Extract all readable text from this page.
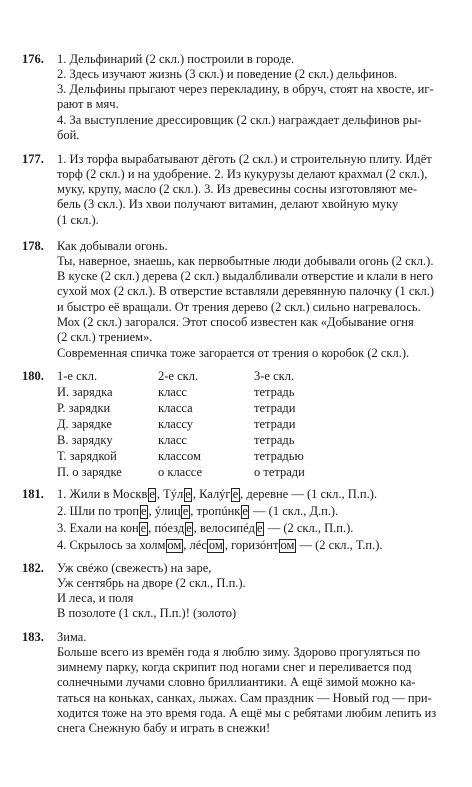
176. 1. Дельфинарий (2 скл.) построили в городе.
2. Здесь изучают жизнь (3 скл.) и поведение (2 скл.) дельфинов.
3. Дельфины прыгают через перекладину, в обруч, стоят на хвосте, иг-
рают в мяч.
4. За выступление дрессировщик (2 скл.) награждает дельфинов ры-
бой.
177. 1. Из торфа вырабатывают дёготь (2 скл.) и строительную плиту. Идёт
торф (2 скл.) и на удобрение. 2. Из кукурузы делают крахмал (2 скл.),
муку, крупу, масло (2 скл.). 3. Из древесины сосны изготовляют ме-
бель (3 скл.). Из хвои получают витамин, делают хвойную муку
(1 скл.).
178. Как добывали огонь.
Ты, наверное, знаешь, как первобытные люди добывали огонь (2 скл.).
В куске (2 скл.) дерева (2 скл.) выдалбливали отверстие и клали в него
сухой мох (2 скл.). В отверстие вставляли деревянную палочку (1 скл.)
и быстро её вращали. От трения дерево (2 скл.) сильно нагревалось.
Мох (2 скл.) загорался. Этот способ известен как «Добывание огня
(2 скл.) трением».
Современная спичка тоже загорается от трения о коробок (2 скл.).
180. 1-е скл.	2-е скл.	3-е скл.
И. зарядка	класс	тетрадь
Р. зарядки	класса	тетради
Д. зарядке	классу	тетради
В. зарядку	класс	тетрадь
Т. зарядкой	классом	тетрадью
П. о зарядке	о классе	о тетради
181. 1. Жили в Москв е , Тýл е , Калýг е , деревне — (1 скл., П.п.).
2. Шли по троп е , ýлиц е , тропúнк е — (1 скл., Д.п.).
3. Ехали на кон е , пóезд е , велосипéд е — (2 скл., П.п.).
4. Скрылось за холм ом , лéс ом , горизóнт ом — (2 скл., Т.п.).
182. Уж свéжо (свежесть) на заре,
Уж сентябрь на дворе (2 скл., П.п.).
И леса, и поля
В позолоте (1 скл., П.п.)! (золото)
183. Зима.
Больше всего из времён года я люблю зиму. Здорово прогуляться по
зимнему парку, когда скрипит под ногами снег и переливается под
солнечными лучами словно бриллиантики. А ещё зимой можно ка-
таться на коньках, санках, лыжах. Сам праздник — Новый год — при-
ходится тоже на это время года. А ещё мы с ребятами любим лепить из
снега Снежную бабу и играть в снежки!
